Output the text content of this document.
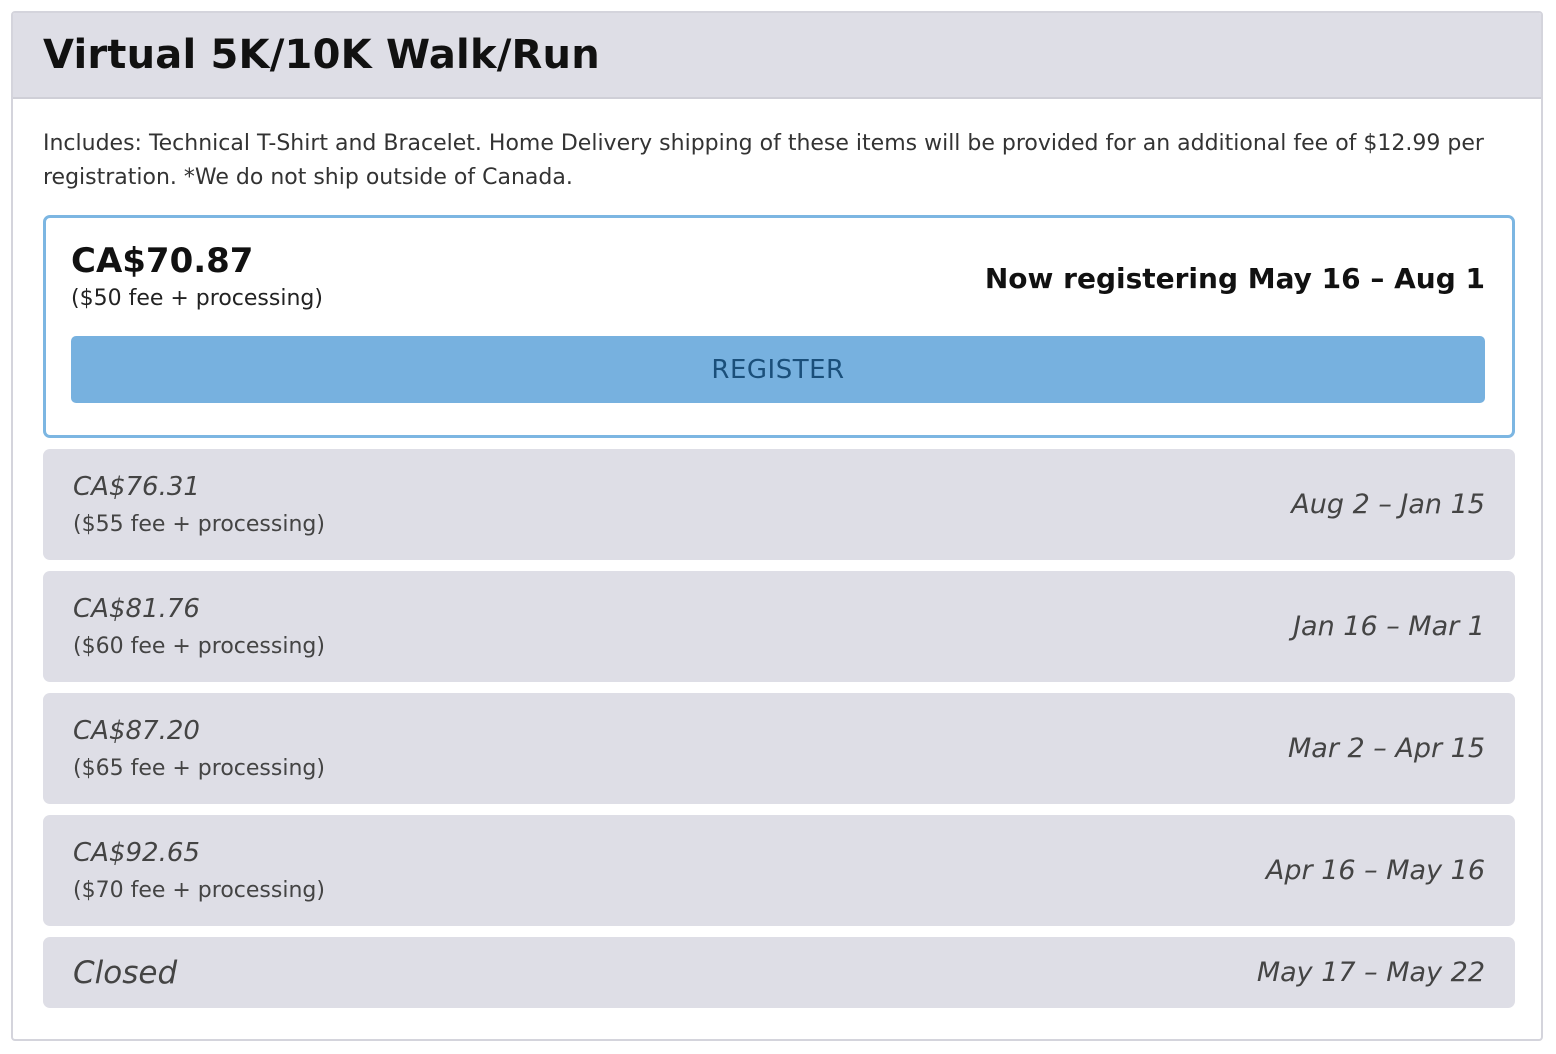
Virtual 5K/10K Walk/Run

Includes: Technical T-Shirt and Bracelet. Home Delivery shipping of these items will be provided for an additional fee of $12.99 per registration. *We do not ship outside of Canada.

CA$70.87
($50 fee + processing)
Now registering May 16 – Aug 1
REGISTER
CA$76.31
($55 fee + processing)
Aug 2 – Jan 15
CA$81.76
($60 fee + processing)
Jan 16 – Mar 1
CA$87.20
($65 fee + processing)
Mar 2 – Apr 15
CA$92.65
($70 fee + processing)
Apr 16 – May 16
Closed	May 17 – May 22
